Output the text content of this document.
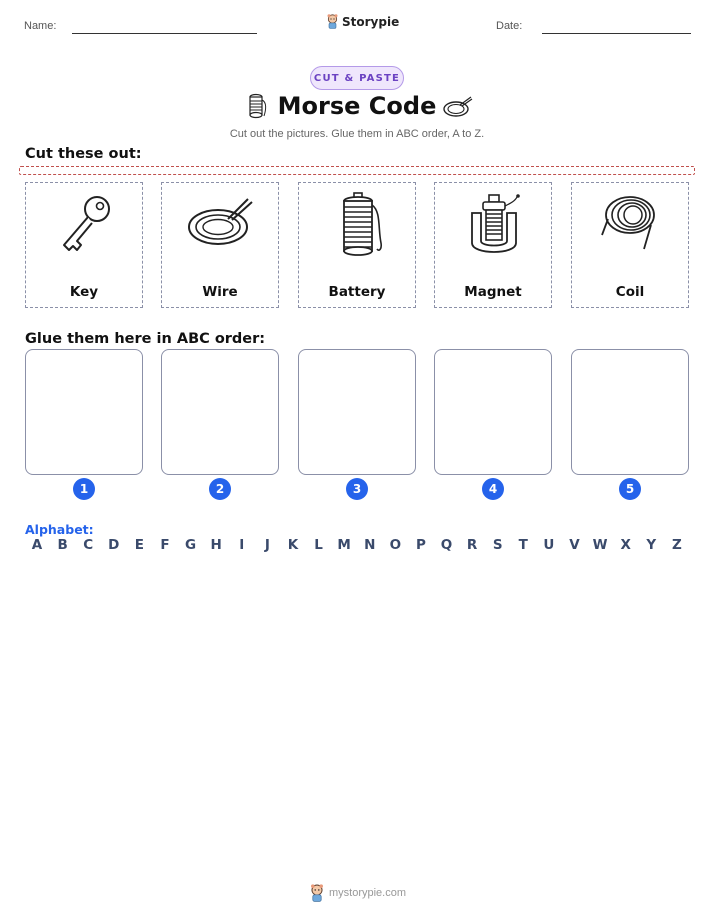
Name:	Storypie	Date:
CUT & PASTE
Morse Code
Cut out the pictures. Glue them in ABC order, A to Z.
Cut these out:
Key	Wire	Battery	Magnet	Coil
Glue them here in ABC order:
1	2	3	4	5
Alphabet:
A	B	C	D	E	F	G	H	I	J	K	L	M N	O	P	Q	R	S	T	U	V W X	Y	Z
mystorypie.com
